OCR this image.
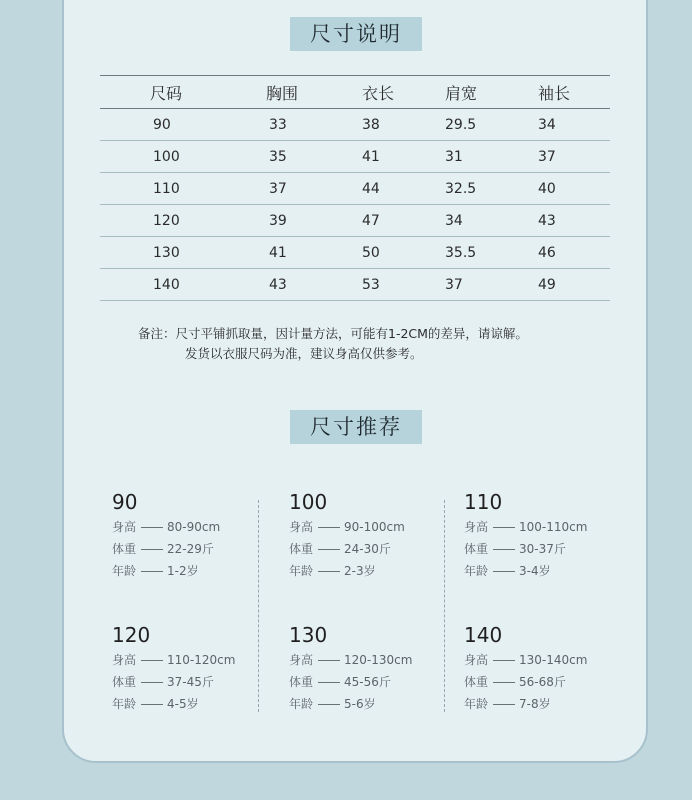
尺寸说明
尺码	胸围	衣长	肩宽	袖长
90	33	38	29.5	34
100	35	41	31	37
110	37	44	32.5	40
120	39	47	34	43
130	41	50	35.5	46
140	43	53	37	49
备注：尺寸平铺抓取量，因计量方法，可能有1-2CM的差异，请谅解。
发货以衣服尺码为准，建议身高仅供参考。
尺寸推荐
90
身高	80-90cm
体重	22-29斤
年龄	1-2岁
100
身高	90-100cm
体重	24-30斤
年龄	2-3岁
110
身高	100-110cm
体重	30-37斤
年龄	3-4岁
120
身高	110-120cm
体重	37-45斤
年龄	4-5岁
130
身高	120-130cm
体重	45-56斤
年龄	5-6岁
140
身高	130-140cm
体重	56-68斤
年龄	7-8岁
